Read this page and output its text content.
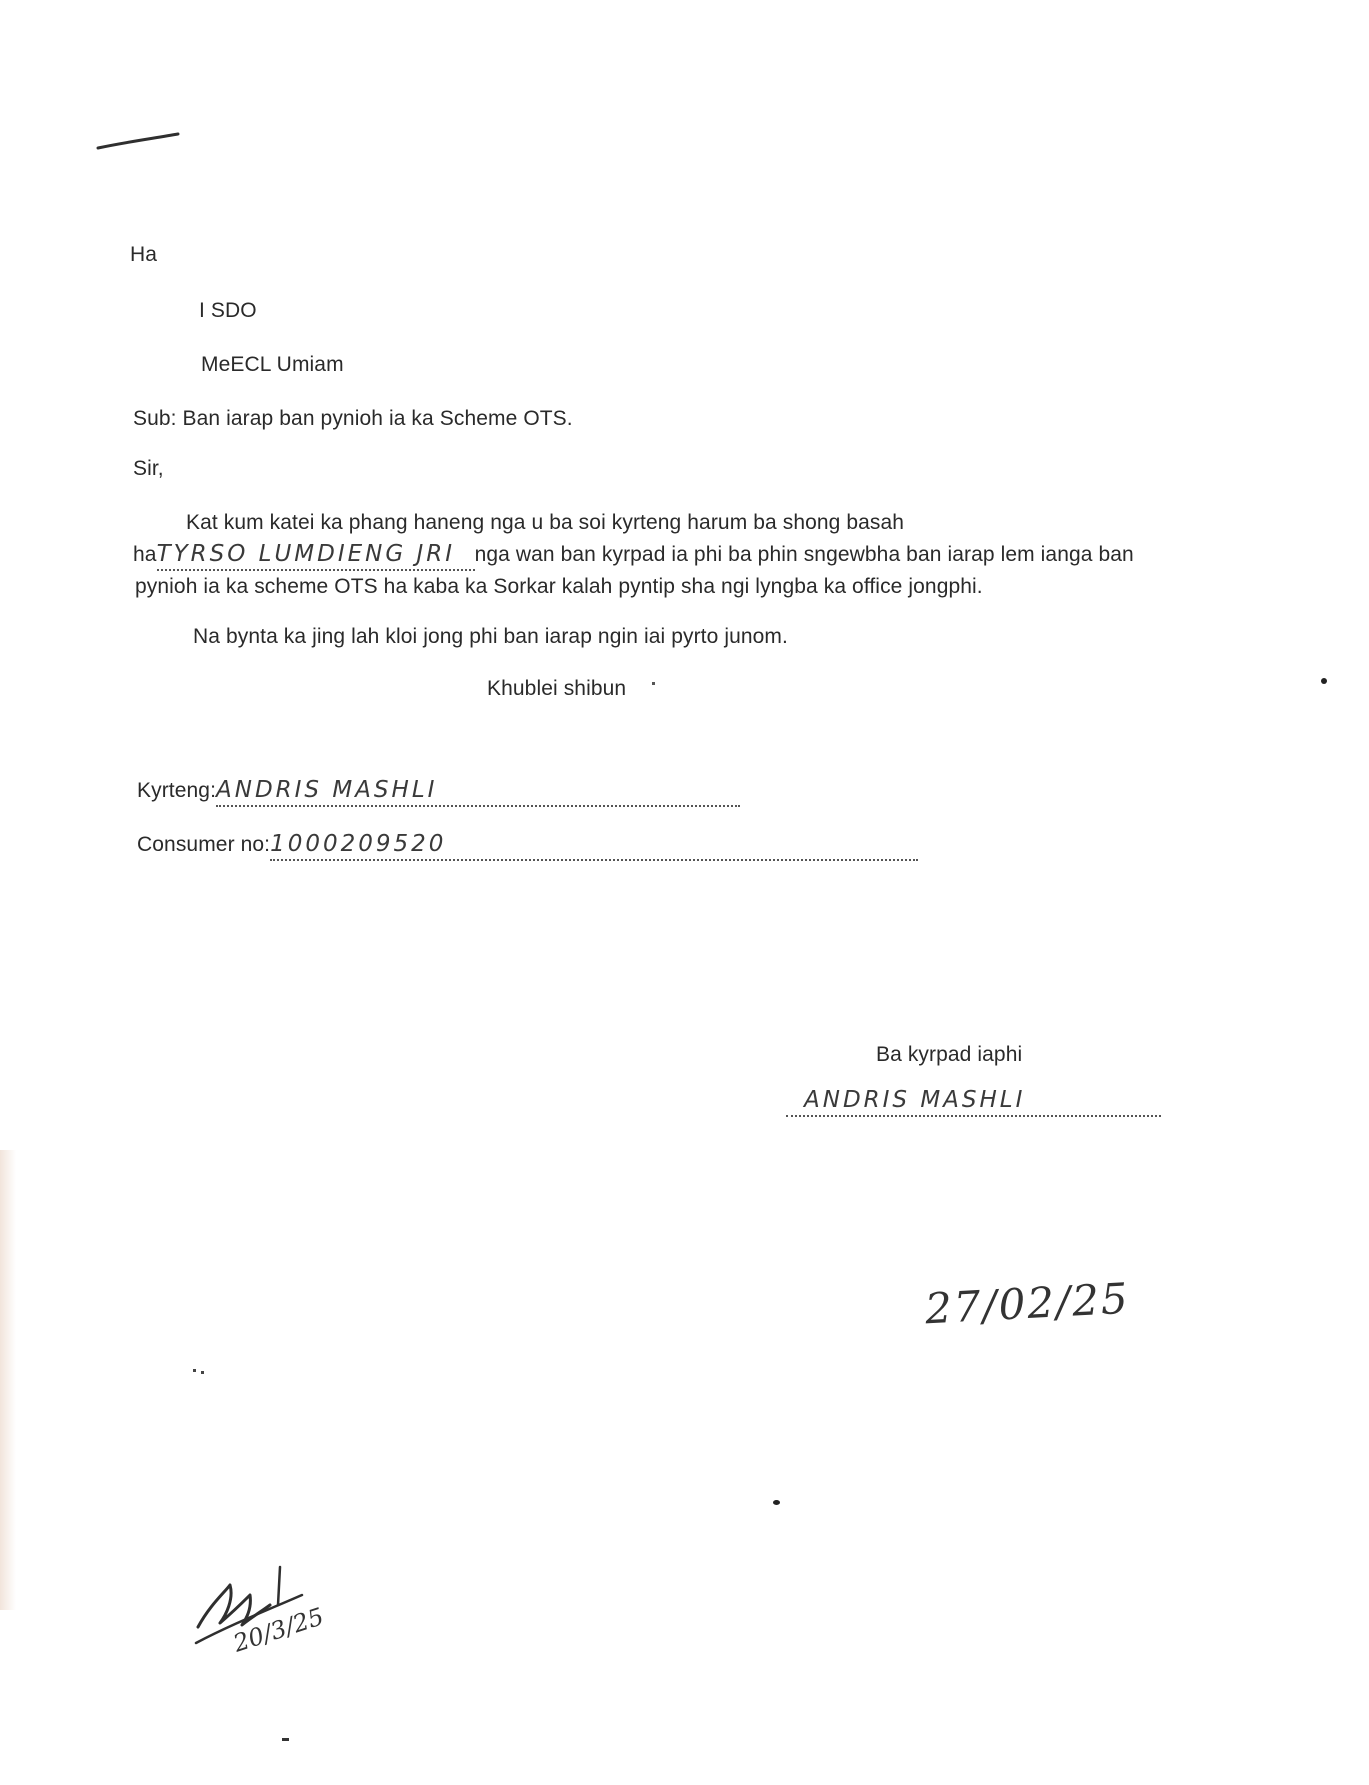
Ha
I SDO
MeECL Umiam
Sub: Ban iarap ban pynioh ia ka Scheme OTS.
Sir,
Kat kum katei ka phang haneng nga u ba soi kyrteng harum ba shong basah
haTYRSO LUMDIENG JRI nga wan ban kyrpad ia phi ba phin sngewbha ban iarap lem ianga ban
pynioh ia ka scheme OTS ha kaba ka Sorkar kalah pyntip sha ngi lyngba ka office jongphi.
Na bynta ka jing lah kloi jong phi ban iarap ngin iai pyrto junom.
Khublei shibun
Kyrteng:ANDRIS MASHLI
Consumer no:1000209520
Ba kyrpad iaphi
ANDRIS MASHLI
27/02/25
20/3/25
